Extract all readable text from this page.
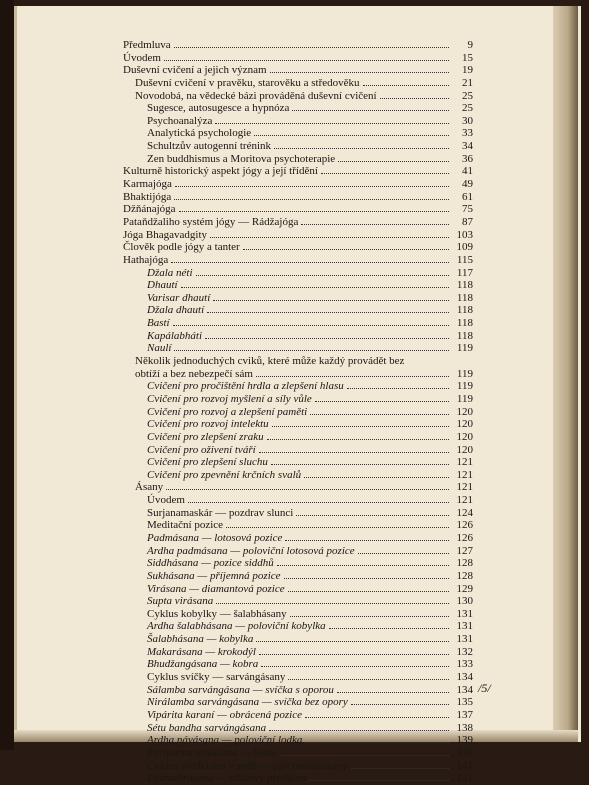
Předmluva	9
Úvodem	15
Duševní cvičení a jejich význam	19
Duševní cvičení v pravěku, starověku a středověku	21
Novodobá, na vědecké bázi prováděná duševní cvičení	25
Sugesce, autosugesce a hypnóza	25
Psychoanalýza	30
Analytická psychologie	33
Schultzův autogenní trénink	34
Zen buddhismus a Moritova psychoterapie	36
Kulturně historický aspekt jógy a její třídění	41
Karmajóga	49
Bhaktijóga	61
Džňánajóga	75
Pataňdžaliho systém jógy — Rádžajóga	87
Jóga Bhagavadgity	103
Člověk podle jógy a tanter	109
Hathajóga	115
Džala néti	117
Dhautí	118
Varisar dhautí	118
Džala dhautí	118
Bastí	118
Kapálabháti	118
Naulí	119
Několik jednoduchých cviků, které může každý provádět bez
obtíží a bez nebezpečí sám	119
Cvičení pro pročištění hrdla a zlepšení hlasu	119
Cvičení pro rozvoj myšlení a síly vůle	119
Cvičení pro rozvoj a zlepšení paměti	120
Cvičení pro rozvoj intelektu	120
Cvičení pro zlepšení zraku	120
Cvičení pro oživení tváří	120
Cvičení pro zlepšení sluchu	121
Cvičení pro zpevnění krčních svalů	121
Ásany	121
Úvodem	121
Surjanamaskár — pozdrav slunci	124
Meditační pozice	126
Padmásana — lotosová pozice	126
Ardha padmásana — poloviční lotosová pozice	127
Siddhásana — pozice siddhů	128
Sukhásana — příjemná pozice	128
Virásana — diamantová pozice	129
Supta virásana	130
Cyklus kobylky — šalabhásany	131
Ardha šalabhásana — poloviční kobylka	131
Šalabhásana — kobylka	131
Makarásana — krokodýl	132
Bhudžangásana — kobra	133
Cyklus svíčky — sarvángásany	134
Sálamba sarvángásana — svíčka s oporou	134
Nirálamba sarvángásana — svíčka bez opory	135
Vipárita karaní — obrácená pozice	137
Sétu bandha sarvángásana	138
Ardha návásana — poloviční lodka	139
Paripúrna návásana — lodka	139
Cyklus předklonu v sedě — paščimótánásany	141
Džánuširásana — střídavý předklon	141
/5/
